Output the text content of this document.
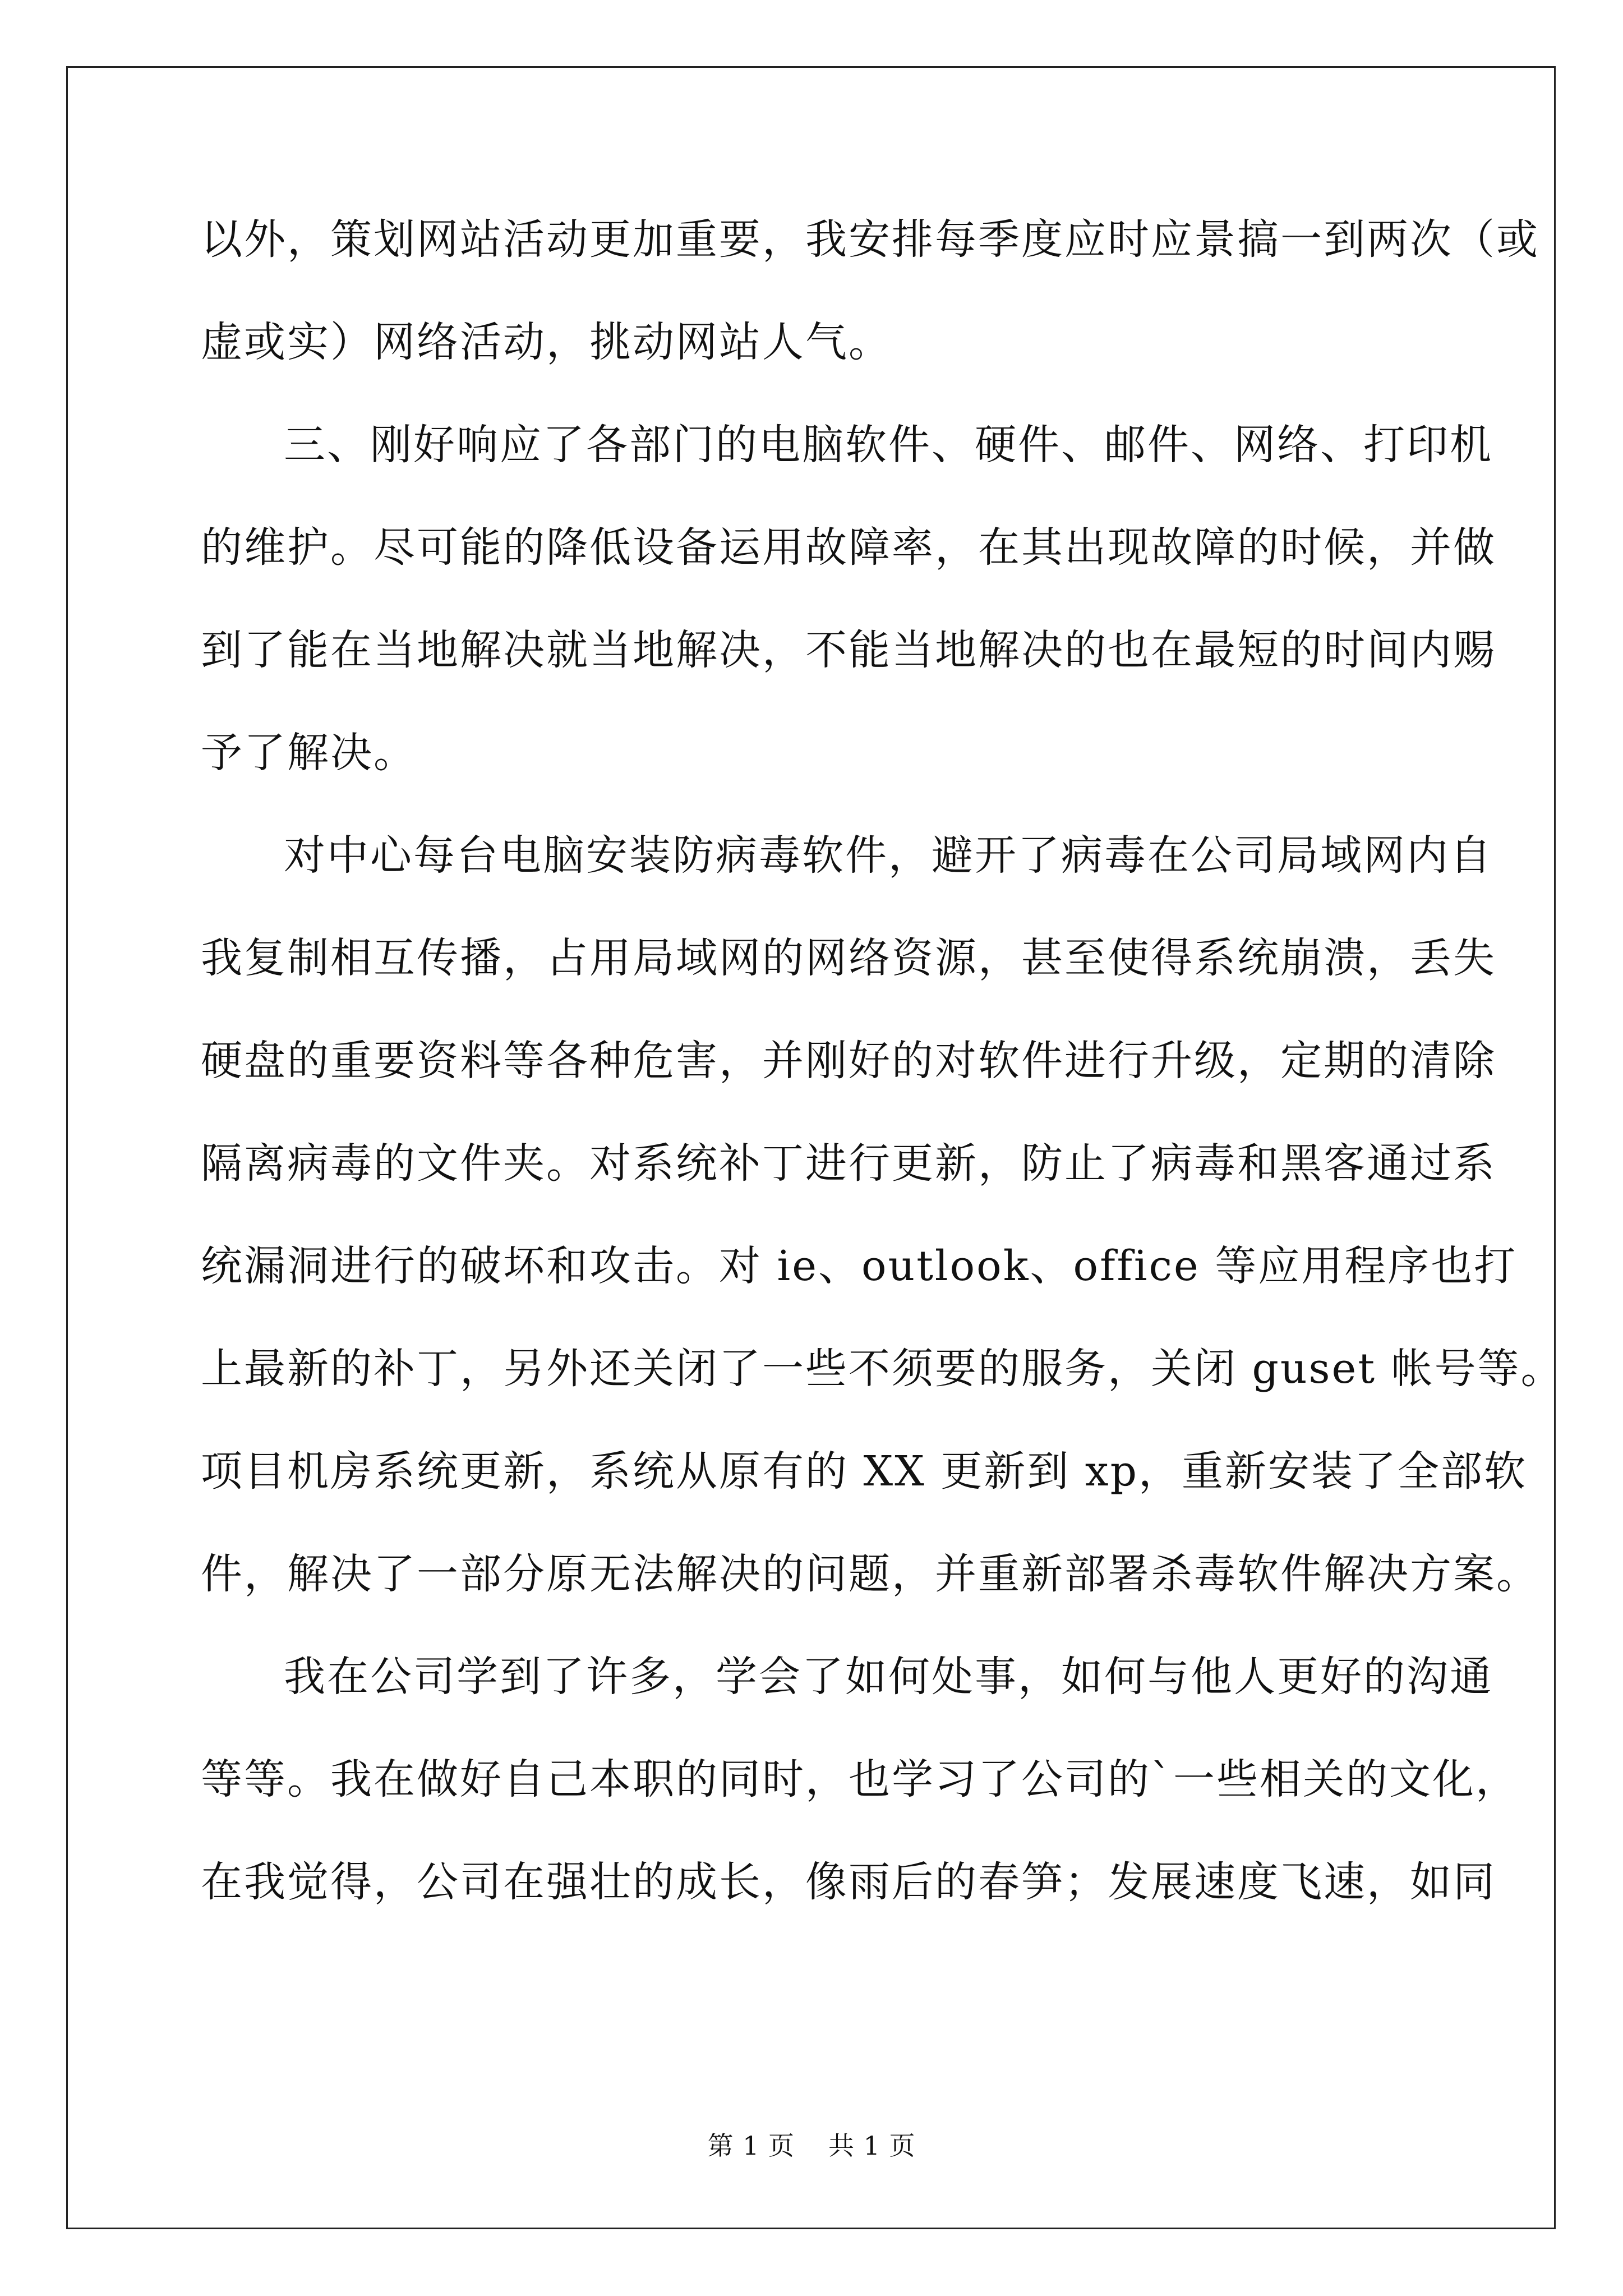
以外，策划网站活动更加重要，我安排每季度应时应景搞一到两次（或
虚或实）网络活动，挑动网站人气。
三、刚好响应了各部门的电脑软件、硬件、邮件、网络、打印机
的维护。尽可能的降低设备运用故障率，在其出现故障的时候，并做
到了能在当地解决就当地解决，不能当地解决的也在最短的时间内赐
予了解决。
对中心每台电脑安装防病毒软件，避开了病毒在公司局域网内自
我复制相互传播，占用局域网的网络资源，甚至使得系统崩溃，丢失
硬盘的重要资料等各种危害，并刚好的对软件进行升级，定期的清除
隔离病毒的文件夹。对系统补丁进行更新，防止了病毒和黑客通过系
统漏洞进行的破坏和攻击。对 ie、outlook、office 等应用程序也打
上最新的补丁，另外还关闭了一些不须要的服务，关闭 guset 帐号等。
项目机房系统更新，系统从原有的 XX 更新到 xp，重新安装了全部软
件，解决了一部分原无法解决的问题，并重新部署杀毒软件解决方案。
我在公司学到了许多，学会了如何处事，如何与他人更好的沟通
等等。我在做好自己本职的同时，也学习了公司的`一些相关的文化，
在我觉得，公司在强壮的成长，像雨后的春笋；发展速度飞速，如同
第 1 页 共 1 页
